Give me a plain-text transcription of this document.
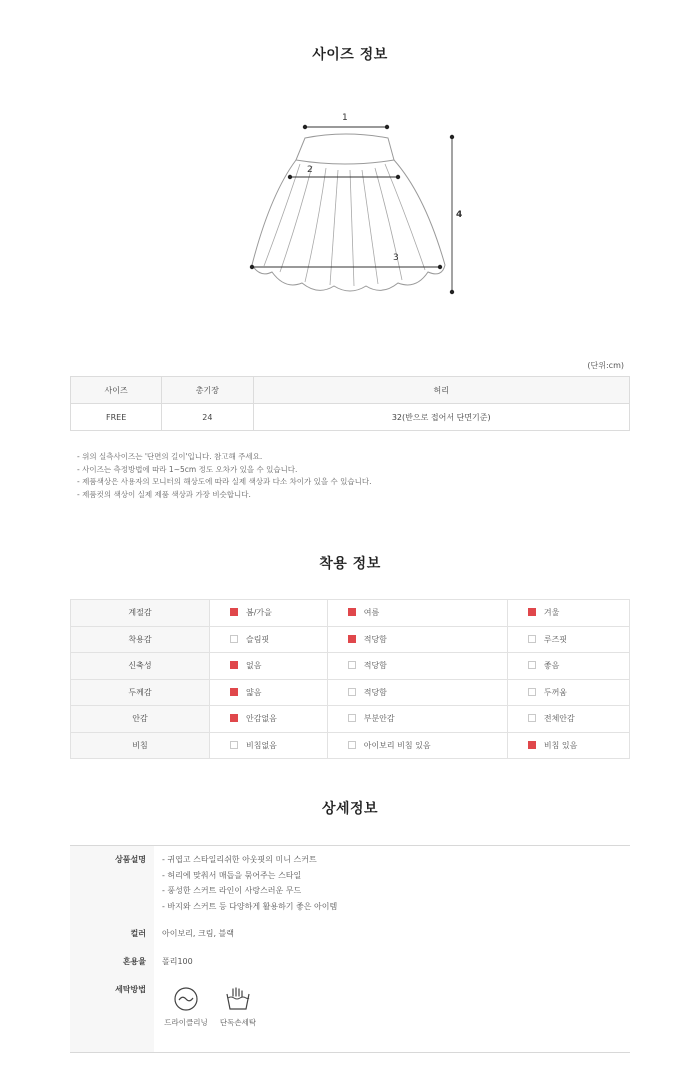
사이즈 정보
1
2
3
4
(단위:cm)
사이즈	총기장	허리
FREE	24	32(반으로 접어서 단면기준)
- 위의 실측사이즈는 '단면의 길이'입니다. 참고해 주세요.
- 사이즈는 측정방법에 따라 1~5cm 정도 오차가 있을 수 있습니다.
- 제품색상은 사용자의 모니터의 해상도에 따라 실제 색상과 다소 차이가 있을 수 있습니다.
- 제품컷의 색상이 실제 제품 색상과 가장 비슷합니다.
착용 정보
계절감	봄/가을	여름	겨울
착용감	슬림핏	적당함	루즈핏
신축성	없음	적당함	좋음
두께감	얇음	적당함	두꺼움
안감	안감없음	부분안감	전체안감
비침	비침없음	아이보리 비침 있음	비침 있음
상세정보
상품설명 - 귀엽고 스타일리쉬한 아웃핏의 미니 스커트
- 허리에 맞춰서 매듭을 묶어주는 스타일
- 풍성한 스커트 라인이 사랑스러운 무드
- 바지와 스커트 등 다양하게 활용하기 좋은 아이템
컬러 아이보리, 크림, 블랙
혼용율 폴리100
세탁방법
드라이클리닝	단독손세탁
